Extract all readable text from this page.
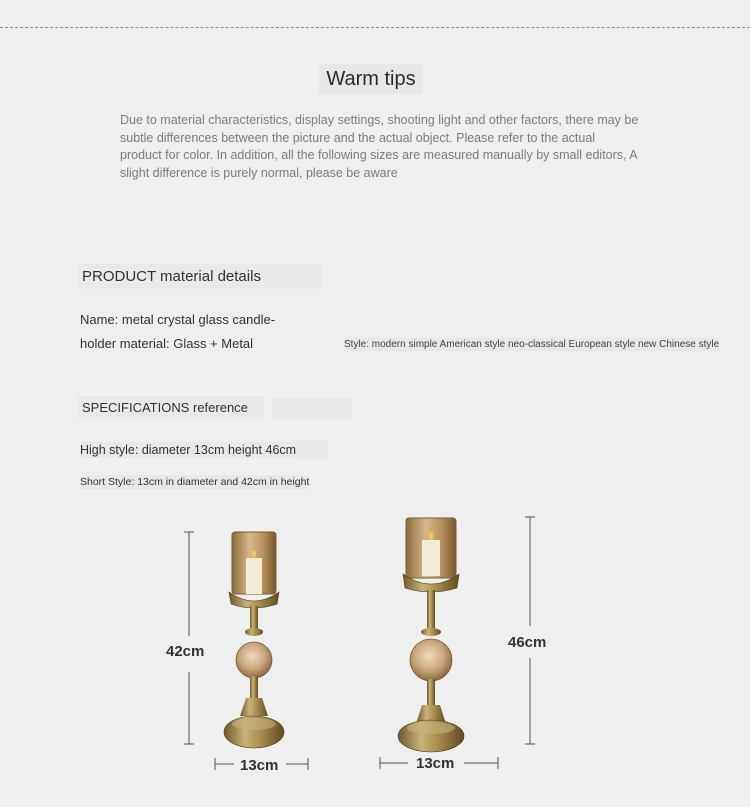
Warm tips
Due to material characteristics, display settings, shooting light and other factors, there may be subtle differences between the picture and the actual object. Please refer to the actual product for color. In addition, all the following sizes are measured manually by small editors, A slight difference is purely normal, please be aware
PRODUCT material details
Name: metal crystal glass candle-holder material: Glass + Metal	Style: modern simple American style neo-classical European style new Chinese style
SPECIFICATIONS reference
High style: diameter 13cm height 46cm
Short Style: 13cm in diameter and 42cm in height
42cm
13cm
46cm
13cm
